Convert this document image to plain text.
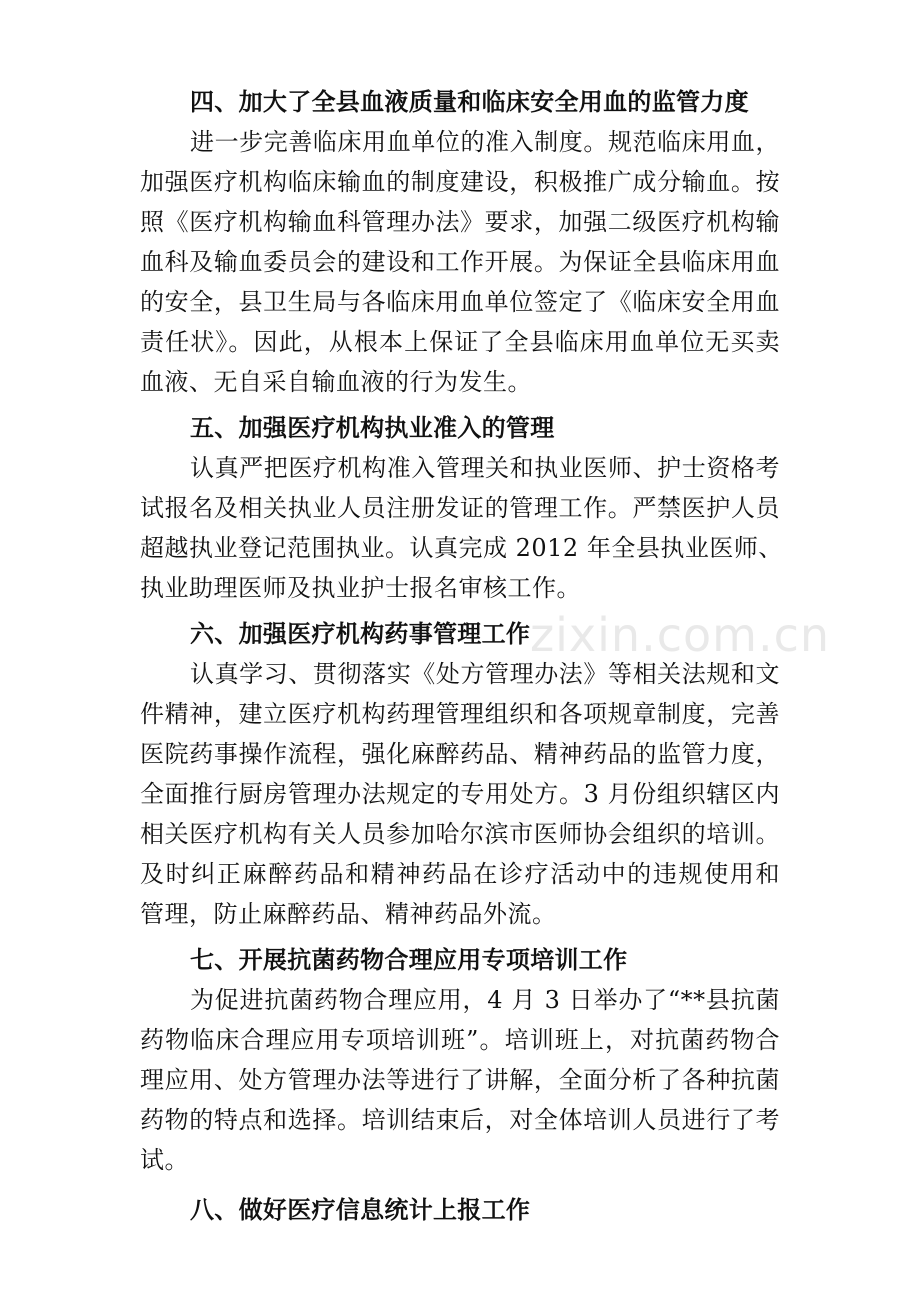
zixin.com.cn
四、加大了全县血液质量和临床安全用血的监管力度

进一步完善临床用血单位的准入制度。规范临床用血，
加强医疗机构临床输血的制度建设，积极推广成分输血。按
照《医疗机构输血科管理办法》要求，加强二级医疗机构输
血科及输血委员会的建设和工作开展。为保证全县临床用血
的安全，县卫生局与各临床用血单位签定了《临床安全用血
责任状》。因此，从根本上保证了全县临床用血单位无买卖
血液、无自采自输血液的行为发生。

五、加强医疗机构执业准入的管理

认真严把医疗机构准入管理关和执业医师、护士资格考
试报名及相关执业人员注册发证的管理工作。严禁医护人员
超越执业登记范围执业。认真完成 2012 年全县执业医师、
执业助理医师及执业护士报名审核工作。

六、加强医疗机构药事管理工作

认真学习、贯彻落实《处方管理办法》等相关法规和文
件精神，建立医疗机构药理管理组织和各项规章制度，完善
医院药事操作流程，强化麻醉药品、精神药品的监管力度，
全面推行厨房管理办法规定的专用处方。3 月份组织辖区内
相关医疗机构有关人员参加哈尔滨市医师协会组织的培训。
及时纠正麻醉药品和精神药品在诊疗活动中的违规使用和
管理，防止麻醉药品、精神药品外流。

七、开展抗菌药物合理应用专项培训工作

为促进抗菌药物合理应用，4 月 3 日举办了“**县抗菌
药物临床合理应用专项培训班”。培训班上，对抗菌药物合
理应用、处方管理办法等进行了讲解，全面分析了各种抗菌
药物的特点和选择。培训结束后，对全体培训人员进行了考
试。

八、做好医疗信息统计上报工作
